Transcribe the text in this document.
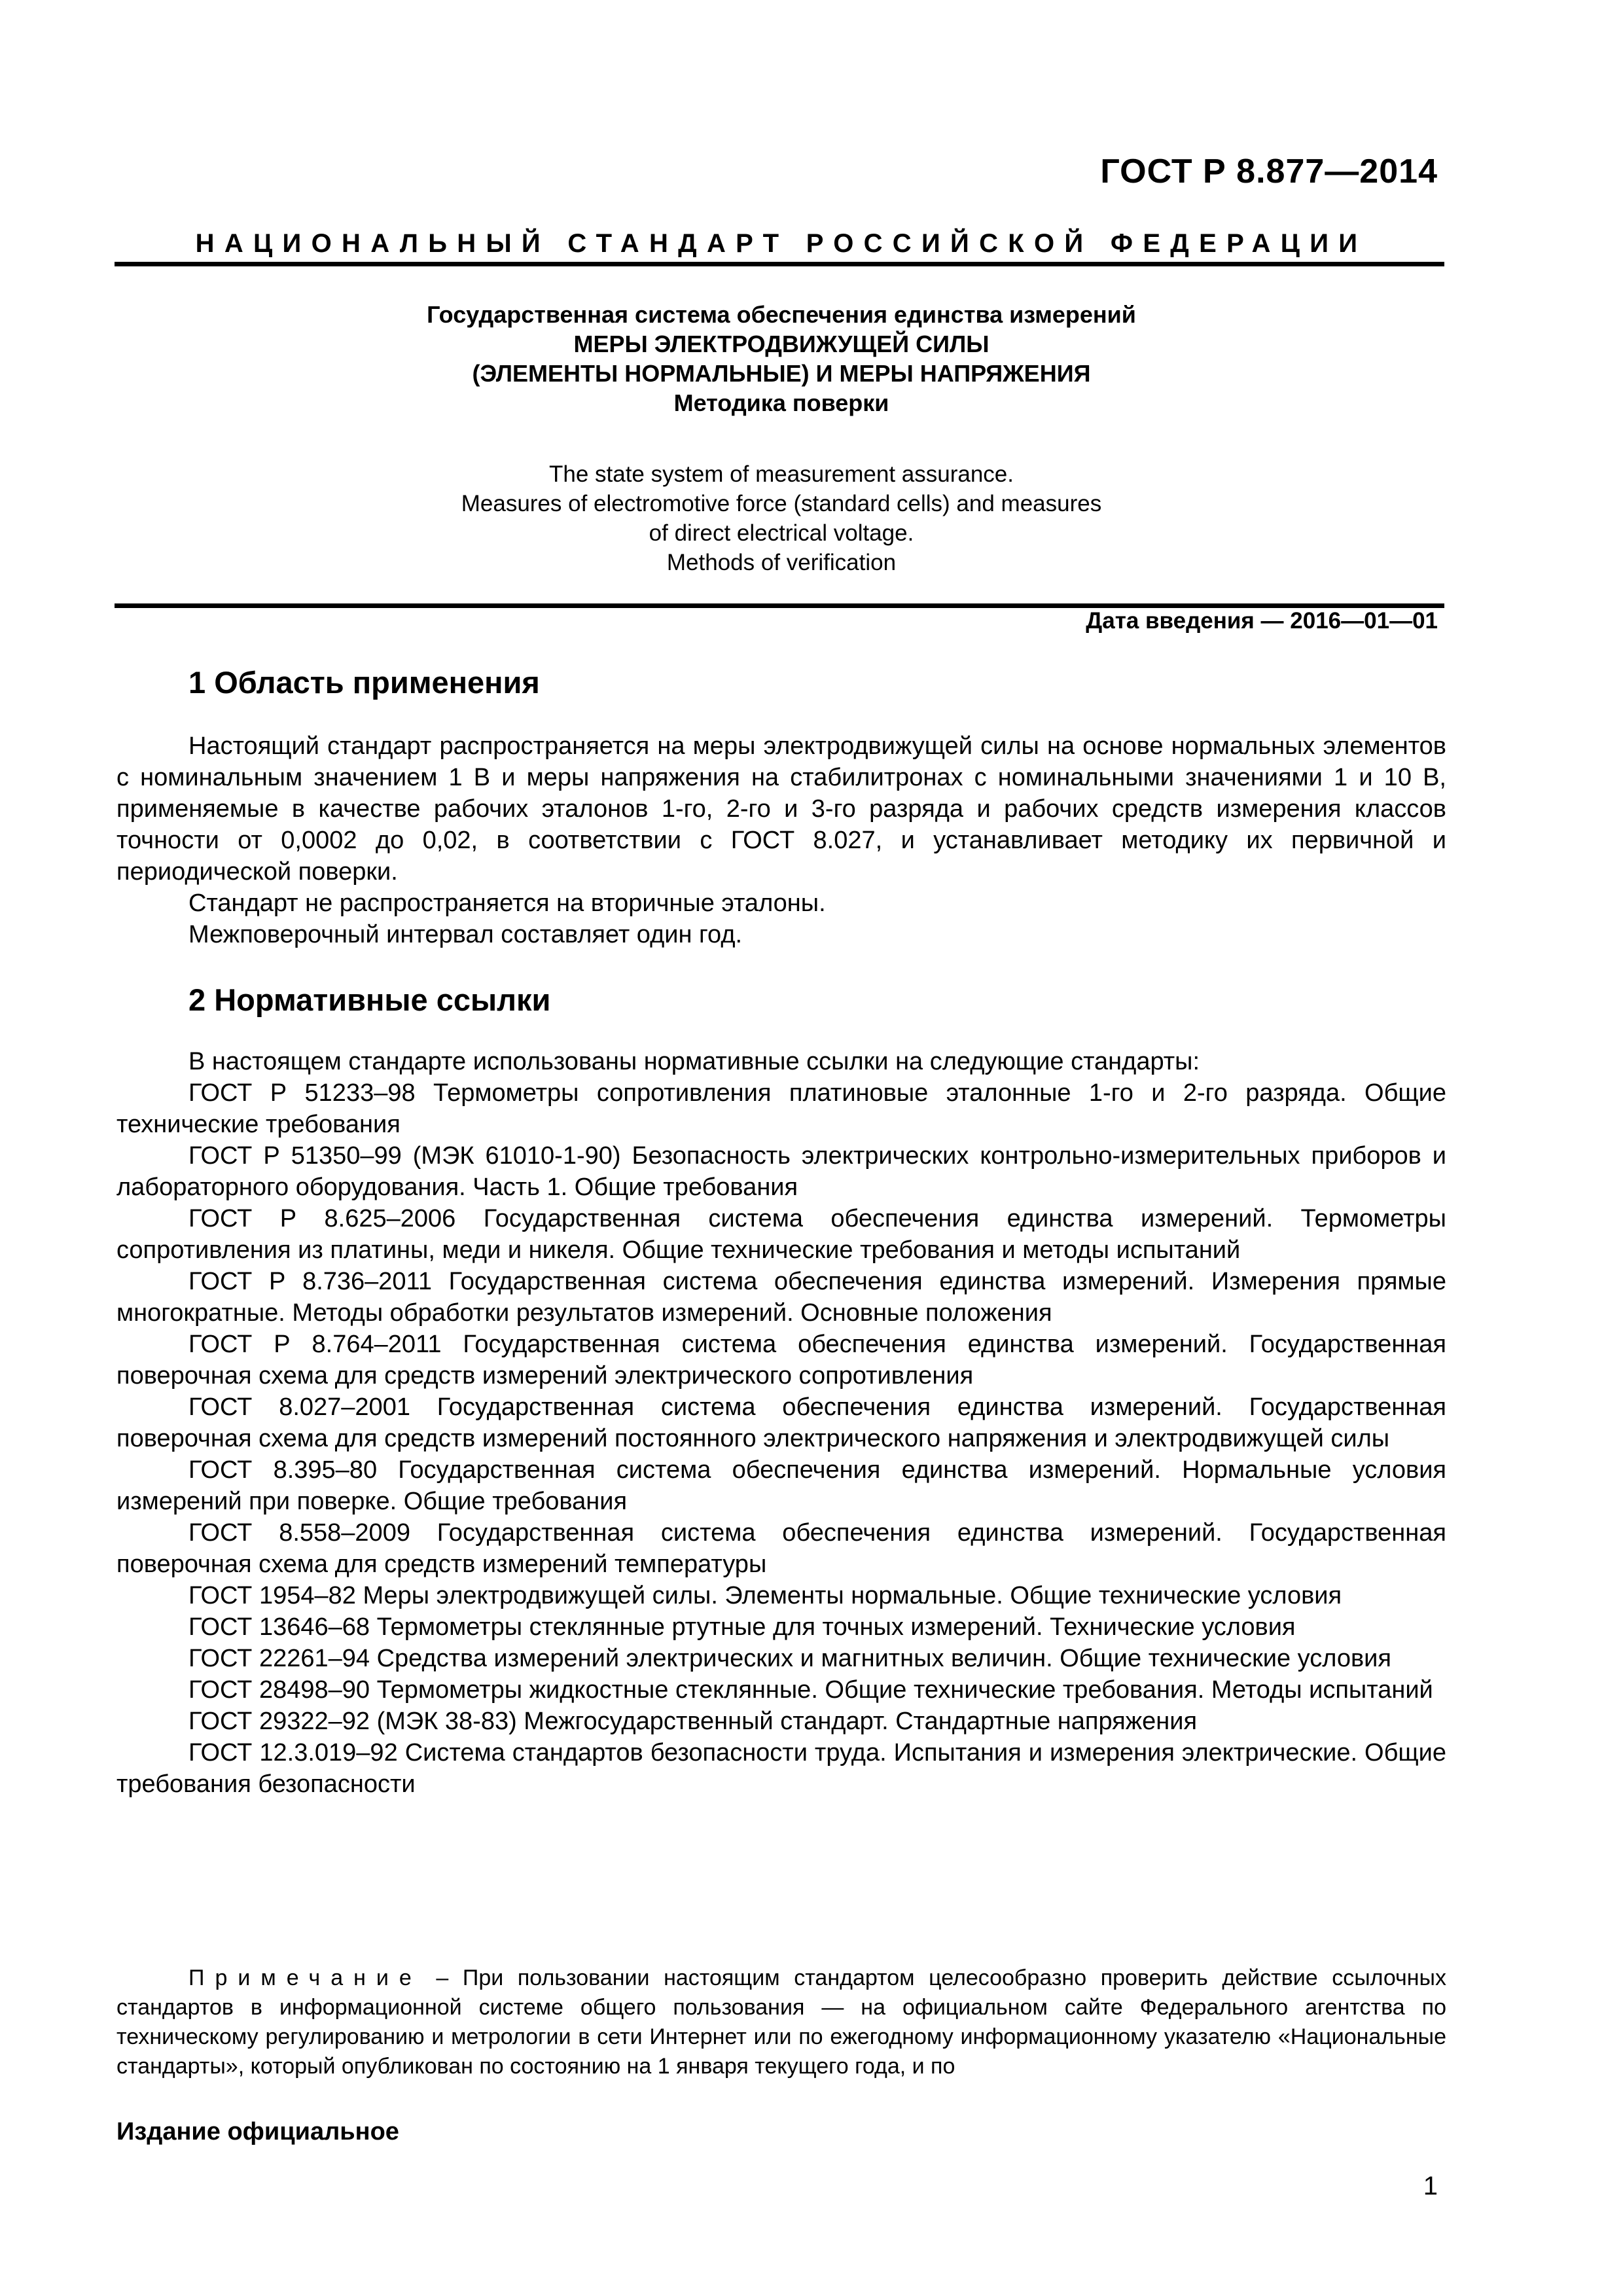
ГОСТ Р 8.877—2014
НАЦИОНАЛЬНЫЙ СТАНДАРТ РОССИЙСКОЙ ФЕДЕРАЦИИ
Государственная система обеспечения единства измерений
МЕРЫ ЭЛЕКТРОДВИЖУЩЕЙ СИЛЫ
(ЭЛЕМЕНТЫ НОРМАЛЬНЫЕ) И МЕРЫ НАПРЯЖЕНИЯ
Методика поверки
The state system of measurement assurance.
Measures of electromotive force (standard cells) and measures
of direct electrical voltage.
Methods of verification
Дата введения — 2016—01—01
1 Область применения

Настоящий стандарт распространяется на меры электродвижущей силы на основе нормальных элементов с номинальным значением 1 В и меры напряжения на стабилитронах с номинальными значениями 1 и 10 В, применяемые в качестве рабочих эталонов 1-го, 2-го и 3-го разряда и рабочих средств измерения классов точности от 0,0002 до 0,02, в соответствии с ГОСТ 8.027, и устанавливает методику их первичной и периодической поверки.

Стандарт не распространяется на вторичные эталоны.

Межповерочный интервал составляет один год.

2 Нормативные ссылки

В настоящем стандарте использованы нормативные ссылки на следующие стандарты:

ГОСТ Р 51233–98 Термометры сопротивления платиновые эталонные 1-го и 2-го разряда. Общие технические требования

ГОСТ Р 51350–99 (МЭК 61010-1-90) Безопасность электрических контрольно-измерительных приборов и лабораторного оборудования. Часть 1. Общие требования

ГОСТ Р 8.625–2006 Государственная система обеспечения единства измерений. Термометры сопротивления из платины, меди и никеля. Общие технические требования и методы испытаний

ГОСТ Р 8.736–2011 Государственная система обеспечения единства измерений. Измерения прямые многократные. Методы обработки результатов измерений. Основные положения

ГОСТ Р 8.764–2011 Государственная система обеспечения единства измерений. Государственная поверочная схема для средств измерений электрического сопротивления

ГОСТ 8.027–2001 Государственная система обеспечения единства измерений. Государственная поверочная схема для средств измерений постоянного электрического напряжения и электродвижущей силы

ГОСТ 8.395–80 Государственная система обеспечения единства измерений. Нормальные условия измерений при поверке. Общие требования

ГОСТ 8.558–2009 Государственная система обеспечения единства измерений. Государственная поверочная схема для средств измерений температуры

ГОСТ 1954–82 Меры электродвижущей силы. Элементы нормальные. Общие технические условия

ГОСТ 13646–68 Термометры стеклянные ртутные для точных измерений. Технические условия

ГОСТ 22261–94 Средства измерений электрических и магнитных величин. Общие технические условия

ГОСТ 28498–90 Термометры жидкостные стеклянные. Общие технические требования. Методы испытаний

ГОСТ 29322–92 (МЭК 38-83) Межгосударственный стандарт. Стандартные напряжения

ГОСТ 12.3.019–92 Система стандартов безопасности труда. Испытания и измерения электрические. Общие требования безопасности

Примечание – При пользовании настоящим стандартом целесообразно проверить действие ссылочных стандартов в информационной системе общего пользования — на официальном сайте Федерального агентства по техническому регулированию и метрологии в сети Интернет или по ежегодному информационному указателю «Национальные стандарты», который опубликован по состоянию на 1 января текущего года, и по

Издание официальное
1
